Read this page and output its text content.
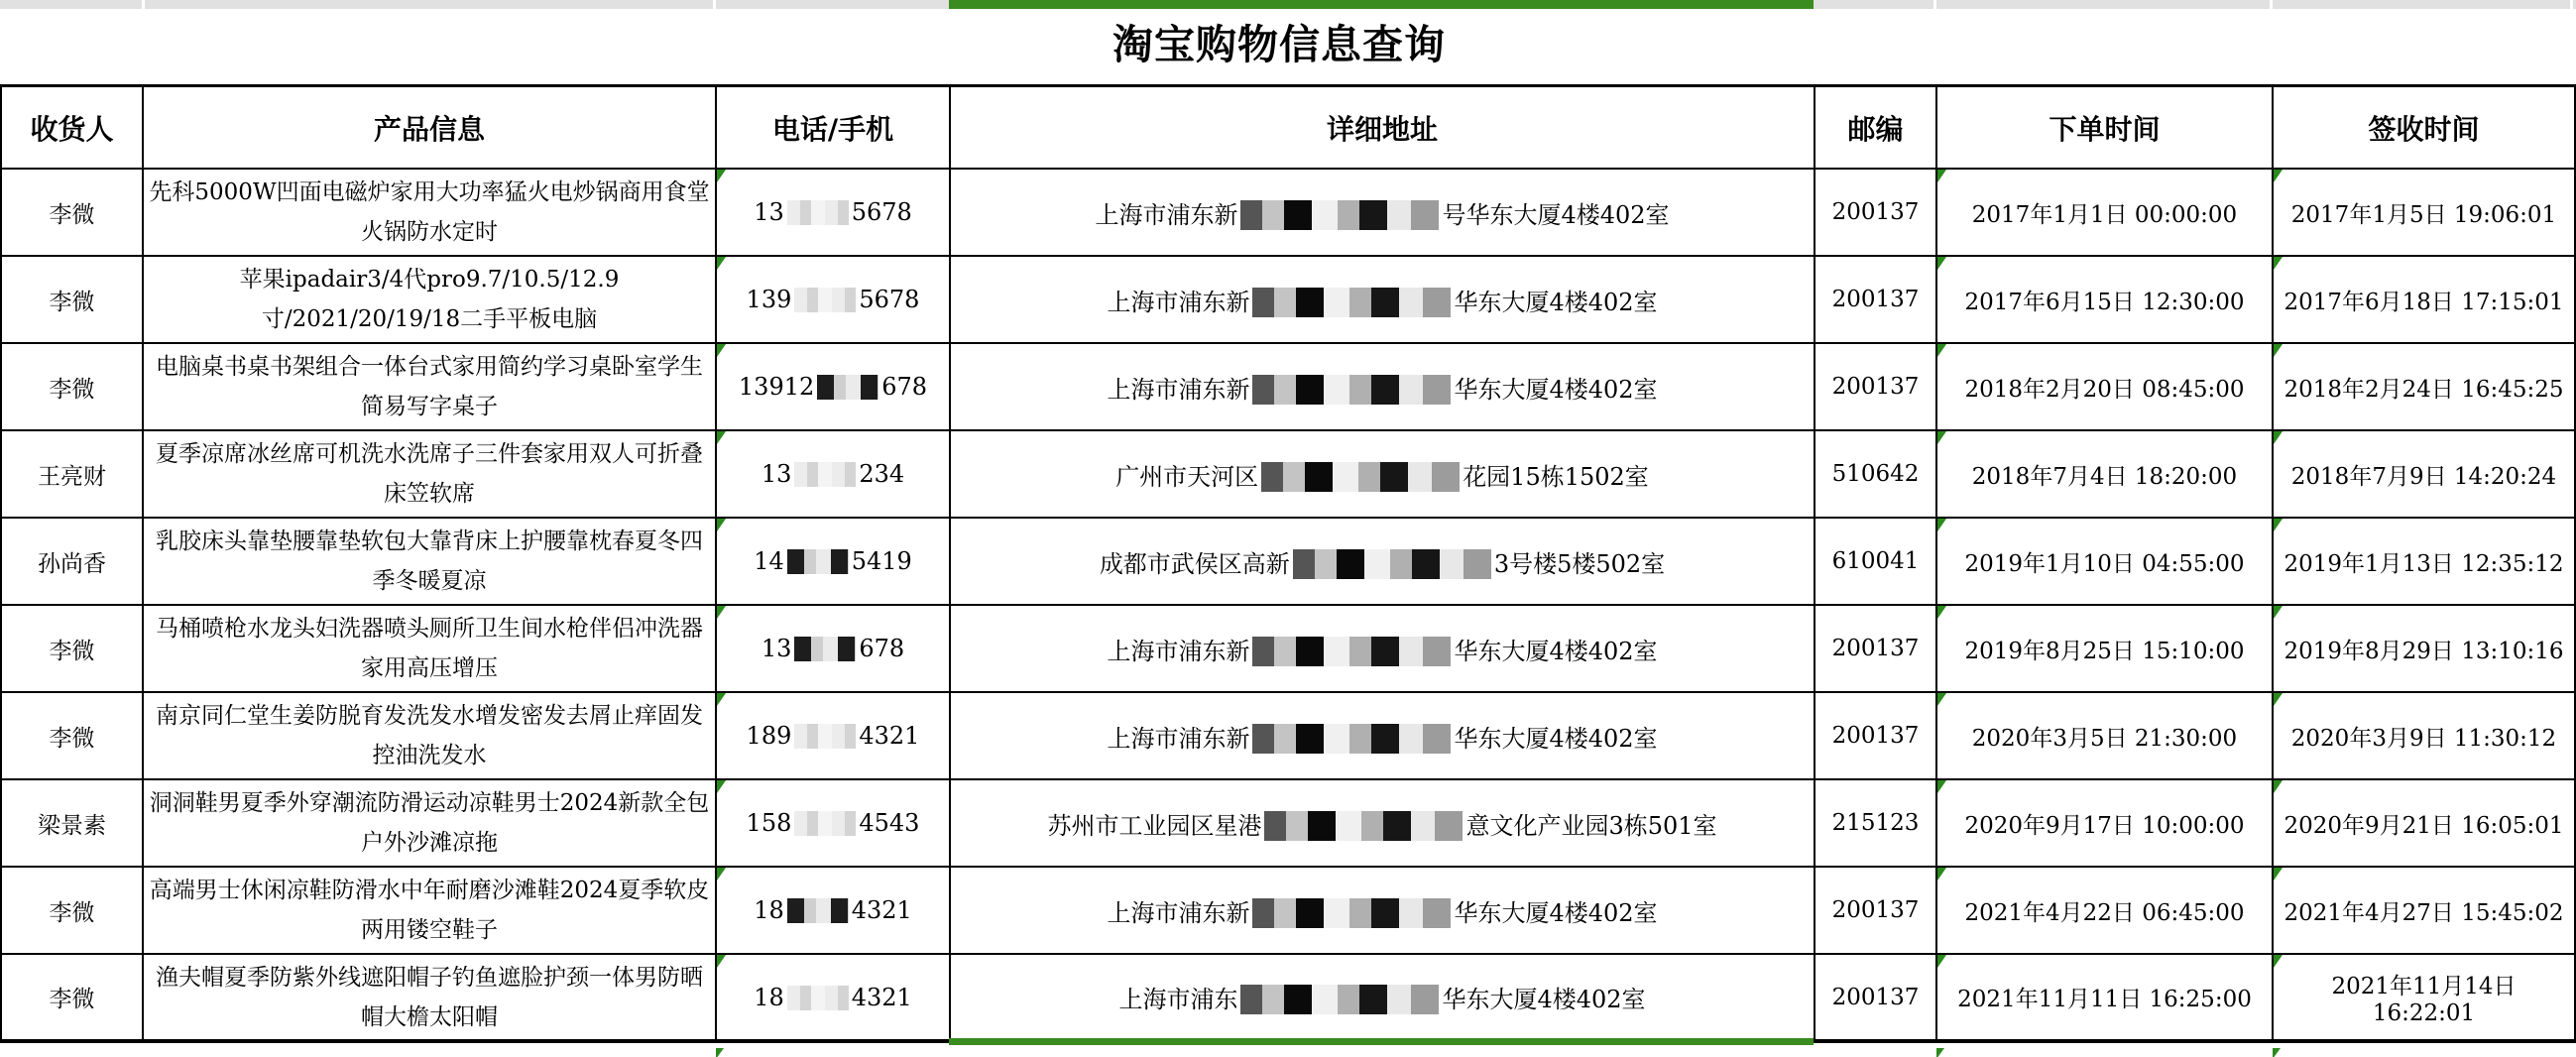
淘宝购物信息查询
收货人	产品信息	电话/手机	详细地址	邮编	下单时间	签收时间
李微	先科5000W凹面电磁炉家用大功率猛火电炒锅商用食堂火锅防水定时	13 5678	上海市浦东新 号华东大厦4楼402室	200137	2017年1月1日 00:00:00	2017年1月5日 19:06:01
李微	苹果ipadair3/4代pro9.7/10.5/12.9寸/2021/20/19/18二手平板电脑	139 5678	上海市浦东新 华东大厦4楼402室	200137	2017年6月15日 12:30:00	2017年6月18日 17:15:01
李微	电脑桌书桌书架组合一体台式家用简约学习桌卧室学生简易写字桌子	13912 678	上海市浦东新 华东大厦4楼402室	200137	2018年2月20日 08:45:00	2018年2月24日 16:45:25
王亮财	夏季凉席冰丝席可机洗水洗席子三件套家用双人可折叠床笠软席	13 234	广州市天河区 花园15栋1502室	510642	2018年7月4日 18:20:00	2018年7月9日 14:20:24
孙尚香	乳胶床头靠垫腰靠垫软包大靠背床上护腰靠枕春夏冬四季冬暖夏凉	14 5419	成都市武侯区高新 3号楼5楼502室	610041	2019年1月10日 04:55:00	2019年1月13日 12:35:12
李微	马桶喷枪水龙头妇洗器喷头厕所卫生间水枪伴侣冲洗器家用高压增压	13 678	上海市浦东新 华东大厦4楼402室	200137	2019年8月25日 15:10:00	2019年8月29日 13:10:16
李微	南京同仁堂生姜防脱育发洗发水增发密发去屑止痒固发控油洗发水	189 4321	上海市浦东新 华东大厦4楼402室	200137	2020年3月5日 21:30:00	2020年3月9日 11:30:12
梁景素	洞洞鞋男夏季外穿潮流防滑运动凉鞋男士2024新款全包户外沙滩凉拖	158 4543	苏州市工业园区星港 意文化产业园3栋501室	215123	2020年9月17日 10:00:00	2020年9月21日 16:05:01
李微	高端男士休闲凉鞋防滑水中年耐磨沙滩鞋2024夏季软皮两用镂空鞋子	18 4321	上海市浦东新 华东大厦4楼402室	200137	2021年4月22日 06:45:00	2021年4月27日 15:45:02
李微	渔夫帽夏季防紫外线遮阳帽子钓鱼遮脸护颈一体男防晒帽大檐太阳帽	18 4321	上海市浦东 华东大厦4楼402室	200137	2021年11月11日 16:25:00	2021年11月14日 16:22:01
